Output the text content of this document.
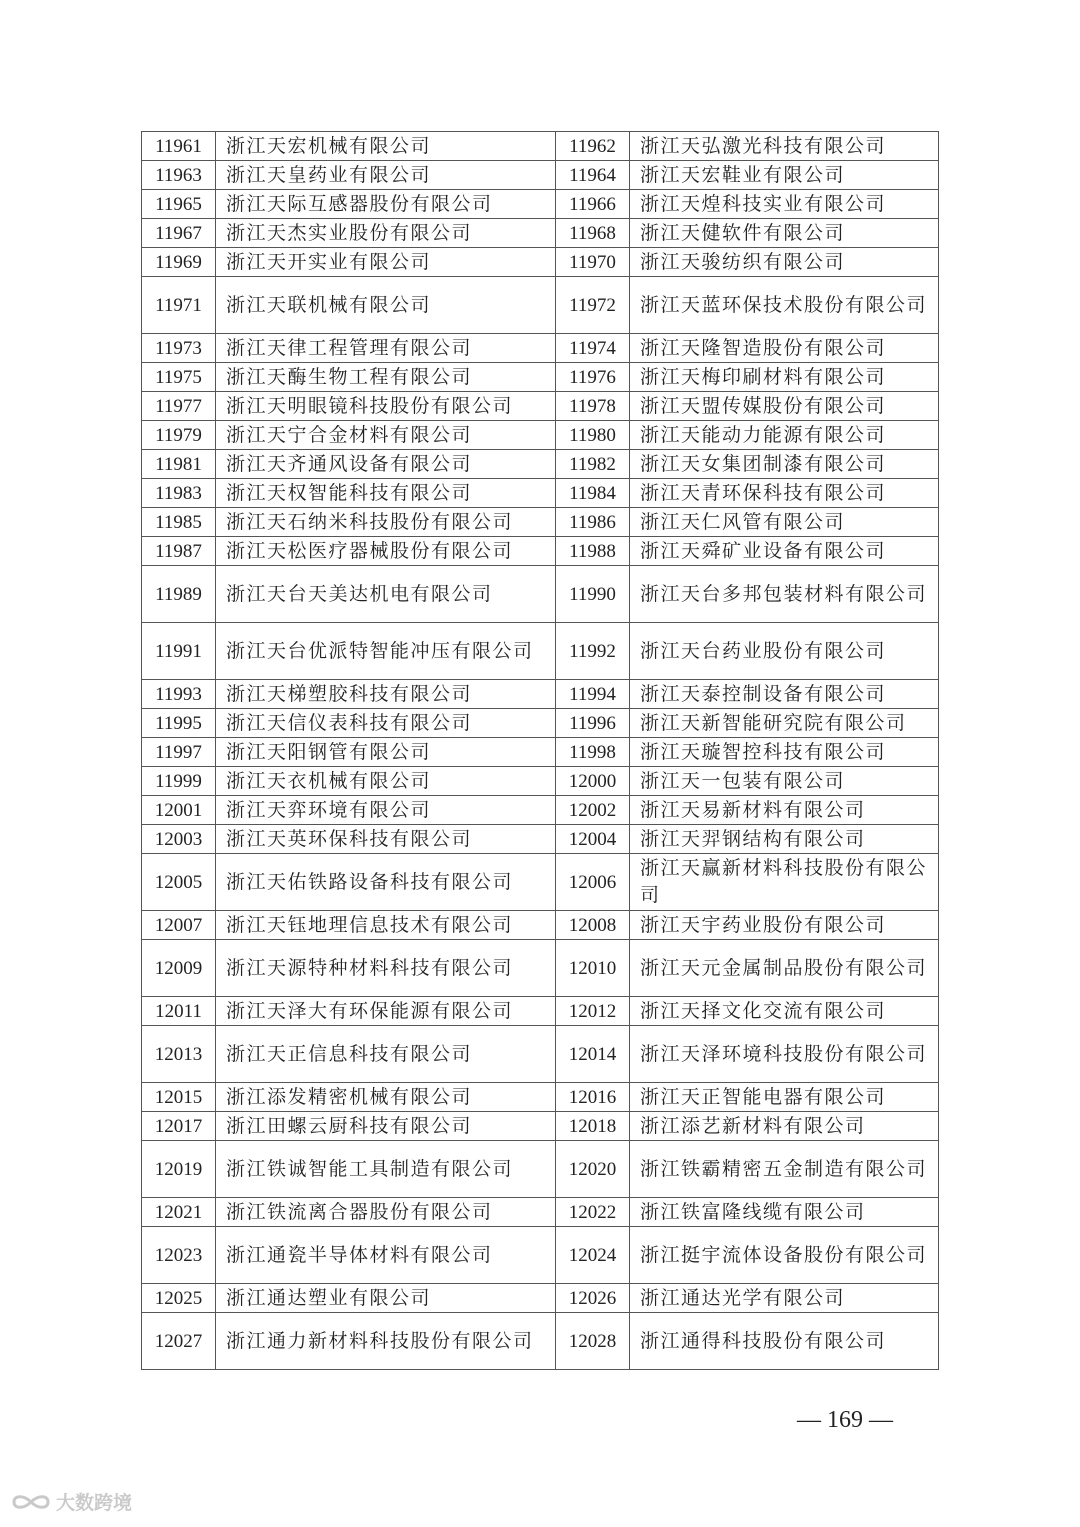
11961	浙江天宏机械有限公司	11962	浙江天弘激光科技有限公司
11963	浙江天皇药业有限公司	11964	浙江天宏鞋业有限公司
11965	浙江天际互感器股份有限公司	11966	浙江天煌科技实业有限公司
11967	浙江天杰实业股份有限公司	11968	浙江天健软件有限公司
11969	浙江天开实业有限公司	11970	浙江天骏纺织有限公司
11971	浙江天联机械有限公司	11972	浙江天蓝环保技术股份有限公司
11973	浙江天律工程管理有限公司	11974	浙江天隆智造股份有限公司
11975	浙江天酶生物工程有限公司	11976	浙江天梅印刷材料有限公司
11977	浙江天明眼镜科技股份有限公司	11978	浙江天盟传媒股份有限公司
11979	浙江天宁合金材料有限公司	11980	浙江天能动力能源有限公司
11981	浙江天齐通风设备有限公司	11982	浙江天女集团制漆有限公司
11983	浙江天权智能科技有限公司	11984	浙江天青环保科技有限公司
11985	浙江天石纳米科技股份有限公司	11986	浙江天仁风管有限公司
11987	浙江天松医疗器械股份有限公司	11988	浙江天舜矿业设备有限公司
11989	浙江天台天美达机电有限公司	11990	浙江天台多邦包装材料有限公司
11991	浙江天台优派特智能冲压有限公司	11992	浙江天台药业股份有限公司
11993	浙江天梯塑胶科技有限公司	11994	浙江天泰控制设备有限公司
11995	浙江天信仪表科技有限公司	11996	浙江天新智能研究院有限公司
11997	浙江天阳钢管有限公司	11998	浙江天璇智控科技有限公司
11999	浙江天衣机械有限公司	12000	浙江天一包装有限公司
12001	浙江天弈环境有限公司	12002	浙江天易新材料有限公司
12003	浙江天英环保科技有限公司	12004	浙江天羿钢结构有限公司
12005	浙江天佑铁路设备科技有限公司	12006	浙江天赢新材料科技股份有限公司
12007	浙江天钰地理信息技术有限公司	12008	浙江天宇药业股份有限公司
12009	浙江天源特种材料科技有限公司	12010	浙江天元金属制品股份有限公司
12011	浙江天泽大有环保能源有限公司	12012	浙江天择文化交流有限公司
12013	浙江天正信息科技有限公司	12014	浙江天泽环境科技股份有限公司
12015	浙江添发精密机械有限公司	12016	浙江天正智能电器有限公司
12017	浙江田螺云厨科技有限公司	12018	浙江添艺新材料有限公司
12019	浙江铁诚智能工具制造有限公司	12020	浙江铁霸精密五金制造有限公司
12021	浙江铁流离合器股份有限公司	12022	浙江铁富隆线缆有限公司
12023	浙江通瓷半导体材料有限公司	12024	浙江挺宇流体设备股份有限公司
12025	浙江通达塑业有限公司	12026	浙江通达光学有限公司
12027	浙江通力新材料科技股份有限公司	12028	浙江通得科技股份有限公司
— 169 —
大数跨境
